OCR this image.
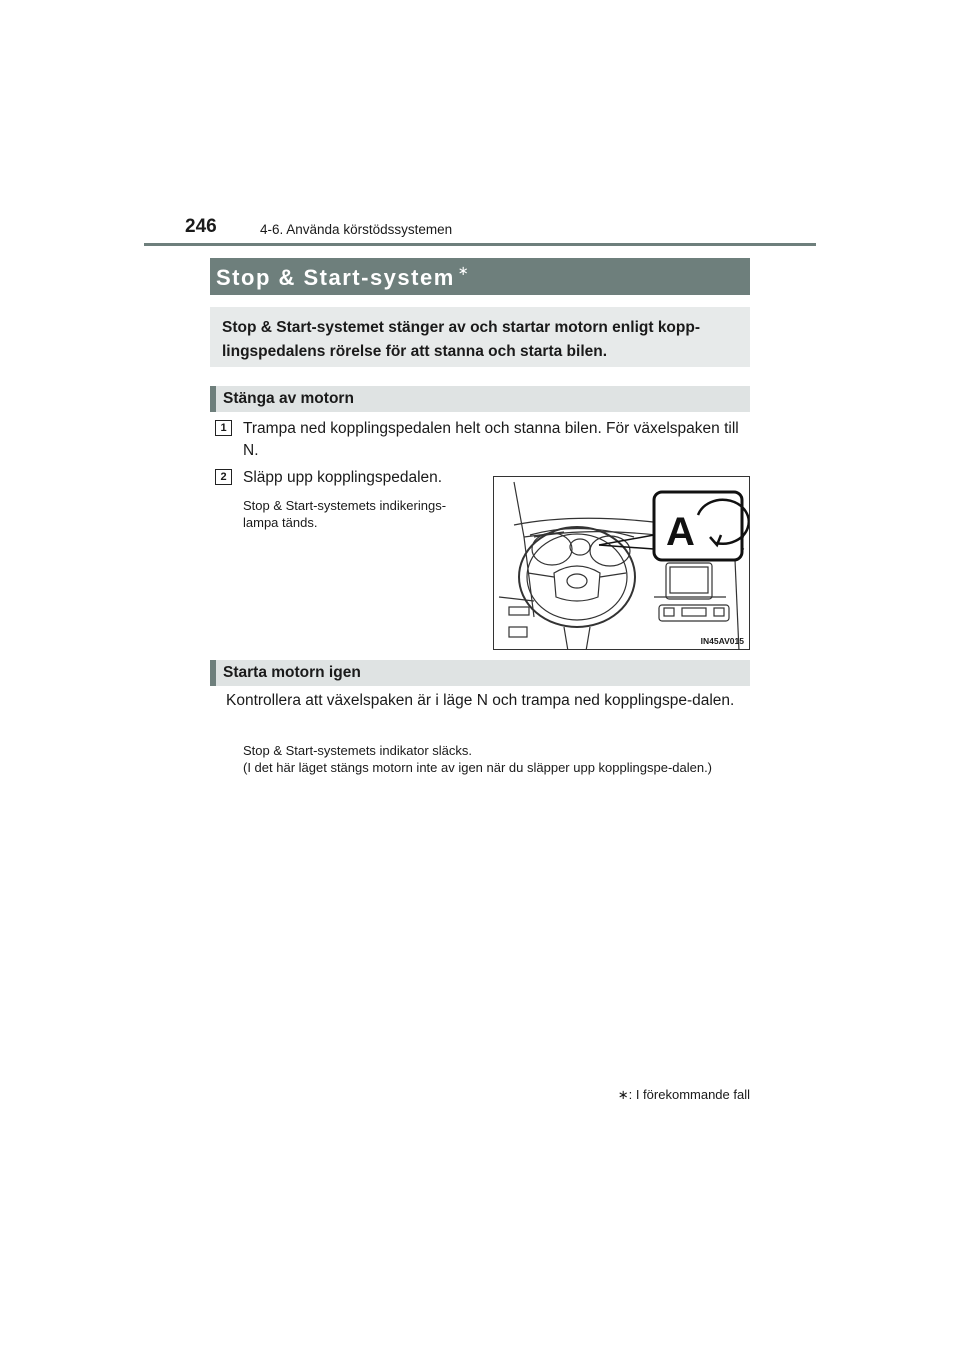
246	4-6. Använda körstödssystemen
Stop & Start-system ∗
Stop & Start-systemet stänger av och startar motorn enligt kopp-lingspedalens rörelse för att stanna och starta bilen.
Stänga av motorn
1	Trampa ned kopplingspedalen helt och stanna bilen. För växelspaken till N.
2	Släpp upp kopplingspedalen.
Stop & Start-systemets indikerings-lampa tänds.	A
IN45AV015
Starta motorn igen
Kontrollera att växelspaken är i läge N och trampa ned kopplingspe-dalen.
Stop & Start-systemets indikator släcks.
(I det här läget stängs motorn inte av igen när du släpper upp kopplingspe-dalen.)
∗: I förekommande fall
